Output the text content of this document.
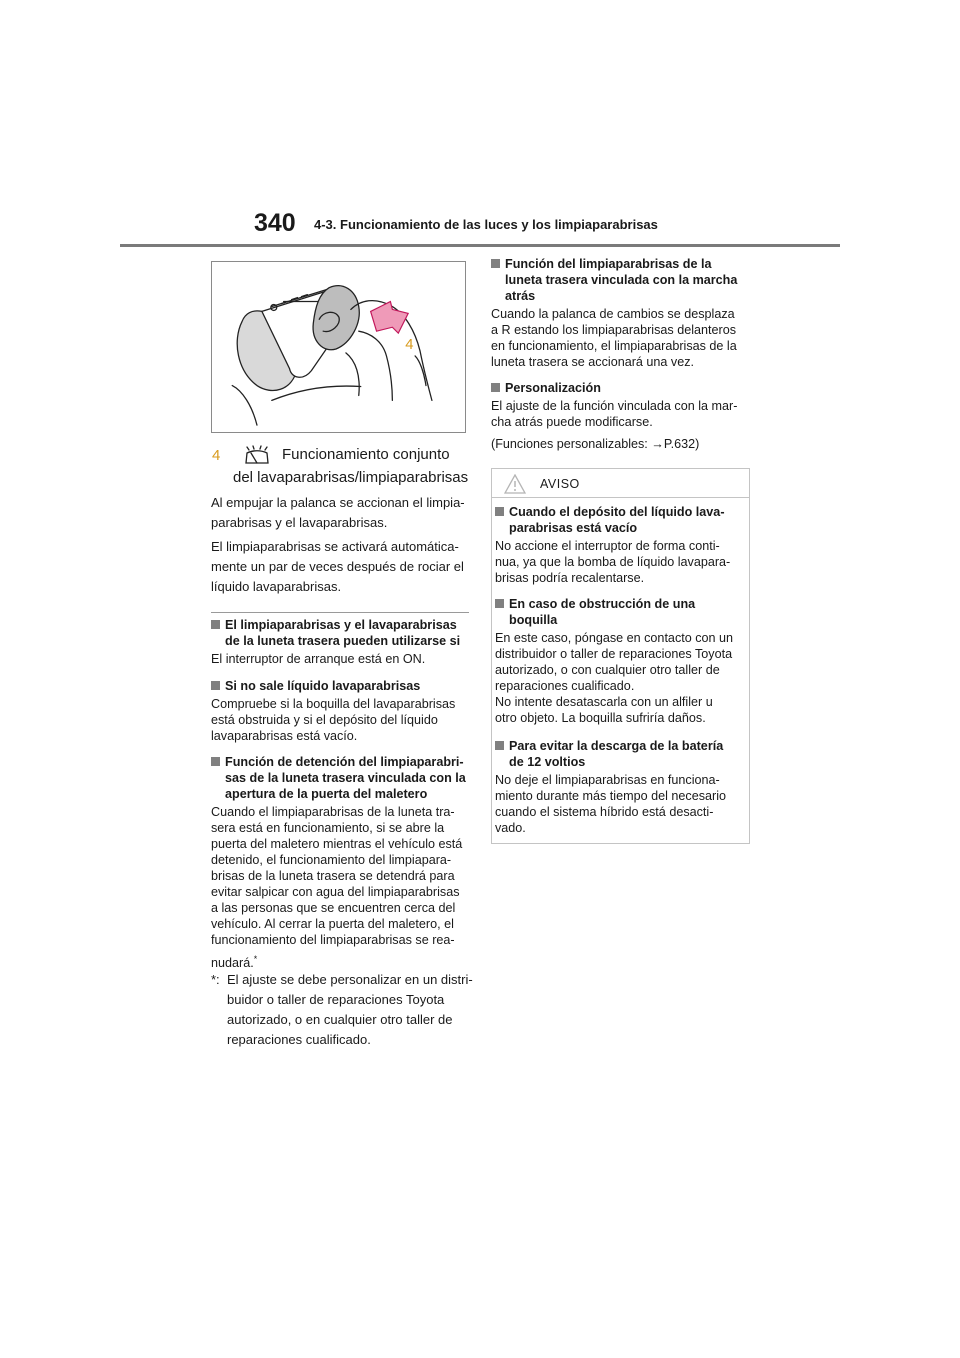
340 4-3. Funcionamiento de las luces y los limpiaparabrisas
4
4	Funcionamiento conjunto
del lavaparabrisas/limpiaparabrisas
Al empujar la palanca se accionan el limpia-
parabrisas y el lavaparabrisas.
El limpiaparabrisas se activará automática-
mente un par de veces después de rociar el
líquido lavaparabrisas.
El limpiaparabrisas y el lavaparabrisas
de la luneta trasera pueden utilizarse si
El interruptor de arranque está en ON.
Si no sale líquido lavaparabrisas
Compruebe si la boquilla del lavaparabrisas
está obstruida y si el depósito del líquido
lavaparabrisas está vacío.
Función de detención del limpiaparabri-
sas de la luneta trasera vinculada con la
apertura de la puerta del maletero
Cuando el limpiaparabrisas de la luneta tra-
sera está en funcionamiento, si se abre la
puerta del maletero mientras el vehículo está
detenido, el funcionamiento del limpiapara-
brisas de la luneta trasera se detendrá para
evitar salpicar con agua del limpiaparabrisas
a las personas que se encuentren cerca del
vehículo. Al cerrar la puerta del maletero, el
funcionamiento del limpiaparabrisas se rea-
nudará.*
*: El ajuste se debe personalizar en un distri-
buidor o taller de reparaciones Toyota
autorizado, o en cualquier otro taller de
reparaciones cualificado.
Función del limpiaparabrisas de la
luneta trasera vinculada con la marcha
atrás
Cuando la palanca de cambios se desplaza
a R estando los limpiaparabrisas delanteros
en funcionamiento, el limpiaparabrisas de la
luneta trasera se accionará una vez.
Personalización
El ajuste de la función vinculada con la mar-
cha atrás puede modificarse.
(Funciones personalizables: →P.632)
AVISO
Cuando el depósito del líquido lava-
parabrisas está vacío
No accione el interruptor de forma conti-
nua, ya que la bomba de líquido lavapara-
brisas podría recalentarse.
En caso de obstrucción de una
boquilla
En este caso, póngase en contacto con un
distribuidor o taller de reparaciones Toyota
autorizado, o con cualquier otro taller de
reparaciones cualificado.
No intente desatascarla con un alfiler u
otro objeto. La boquilla sufriría daños.
Para evitar la descarga de la batería
de 12 voltios
No deje el limpiaparabrisas en funciona-
miento durante más tiempo del necesario
cuando el sistema híbrido está desacti-
vado.
